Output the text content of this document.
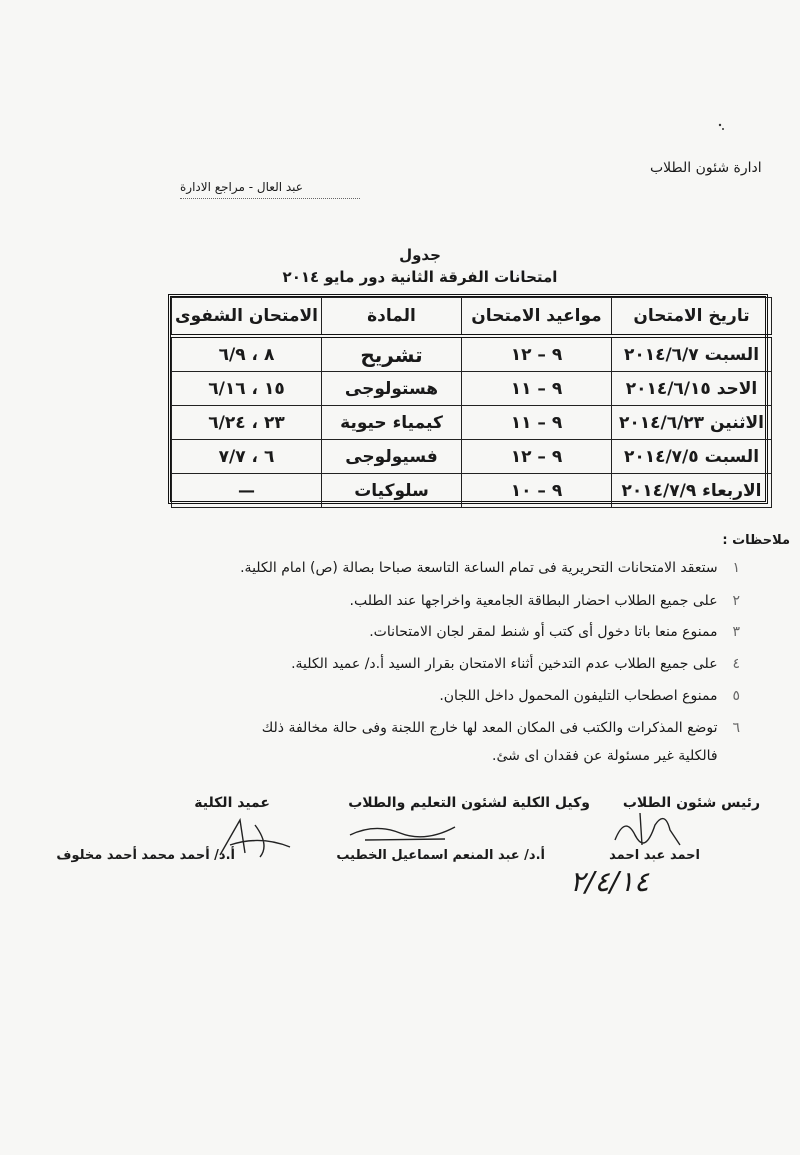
ادارة شئون الطلاب
عبد العال - مراجع الادارة
جدول
امتحانات الفرقة الثانية دور مايو ٢٠١٤
تاريخ الامتحان	مواعيد الامتحان	المادة	الامتحان الشفوى
السبت ٢٠١٤/٦/٧	٩ – ١٢	تشريح	٨ ، ٦/٩
الاحد ٢٠١٤/٦/١٥	٩ – ١١	هستولوجى	١٥ ، ٦/١٦
الاثنين ٢٠١٤/٦/٢٣	٩ – ١١	كيمياء حيوية	٢٣ ، ٦/٢٤
السبت ٢٠١٤/٧/٥	٩ – ١٢	فسيولوجى	٦ ، ٧/٧
الاربعاء ٢٠١٤/٧/٩	٩ – ١٠	سلوكيات	—
ملاحظات :
١ ستعقد الامتحانات التحريرية فى تمام الساعة التاسعة صباحا بصالة (ص) امام الكلية.
٢ على جميع الطلاب احضار البطاقة الجامعية واخراجها عند الطلب.
٣ ممنوع منعا باتا دخول أى كتب أو شنط لمقر لجان الامتحانات.
٤ على جميع الطلاب عدم التدخين أثناء الامتحان بقرار السيد أ.د/ عميد الكلية.
٥ ممنوع اصطحاب التليفون المحمول داخل اللجان.
٦ توضع المذكرات والكتب فى المكان المعد لها خارج اللجنة وفى حالة مخالفة ذلك
فالكلية غير مسئولة عن فقدان اى شئ.
رئيس شئون الطلاب
وكيل الكلية لشئون التعليم والطلاب
عميد الكلية
احمد عبد احمد
أ.د/ عبد المنعم اسماعيل الخطيب
أ.د/ أحمد محمد أحمد مخلوف
٢/٤/١٤
